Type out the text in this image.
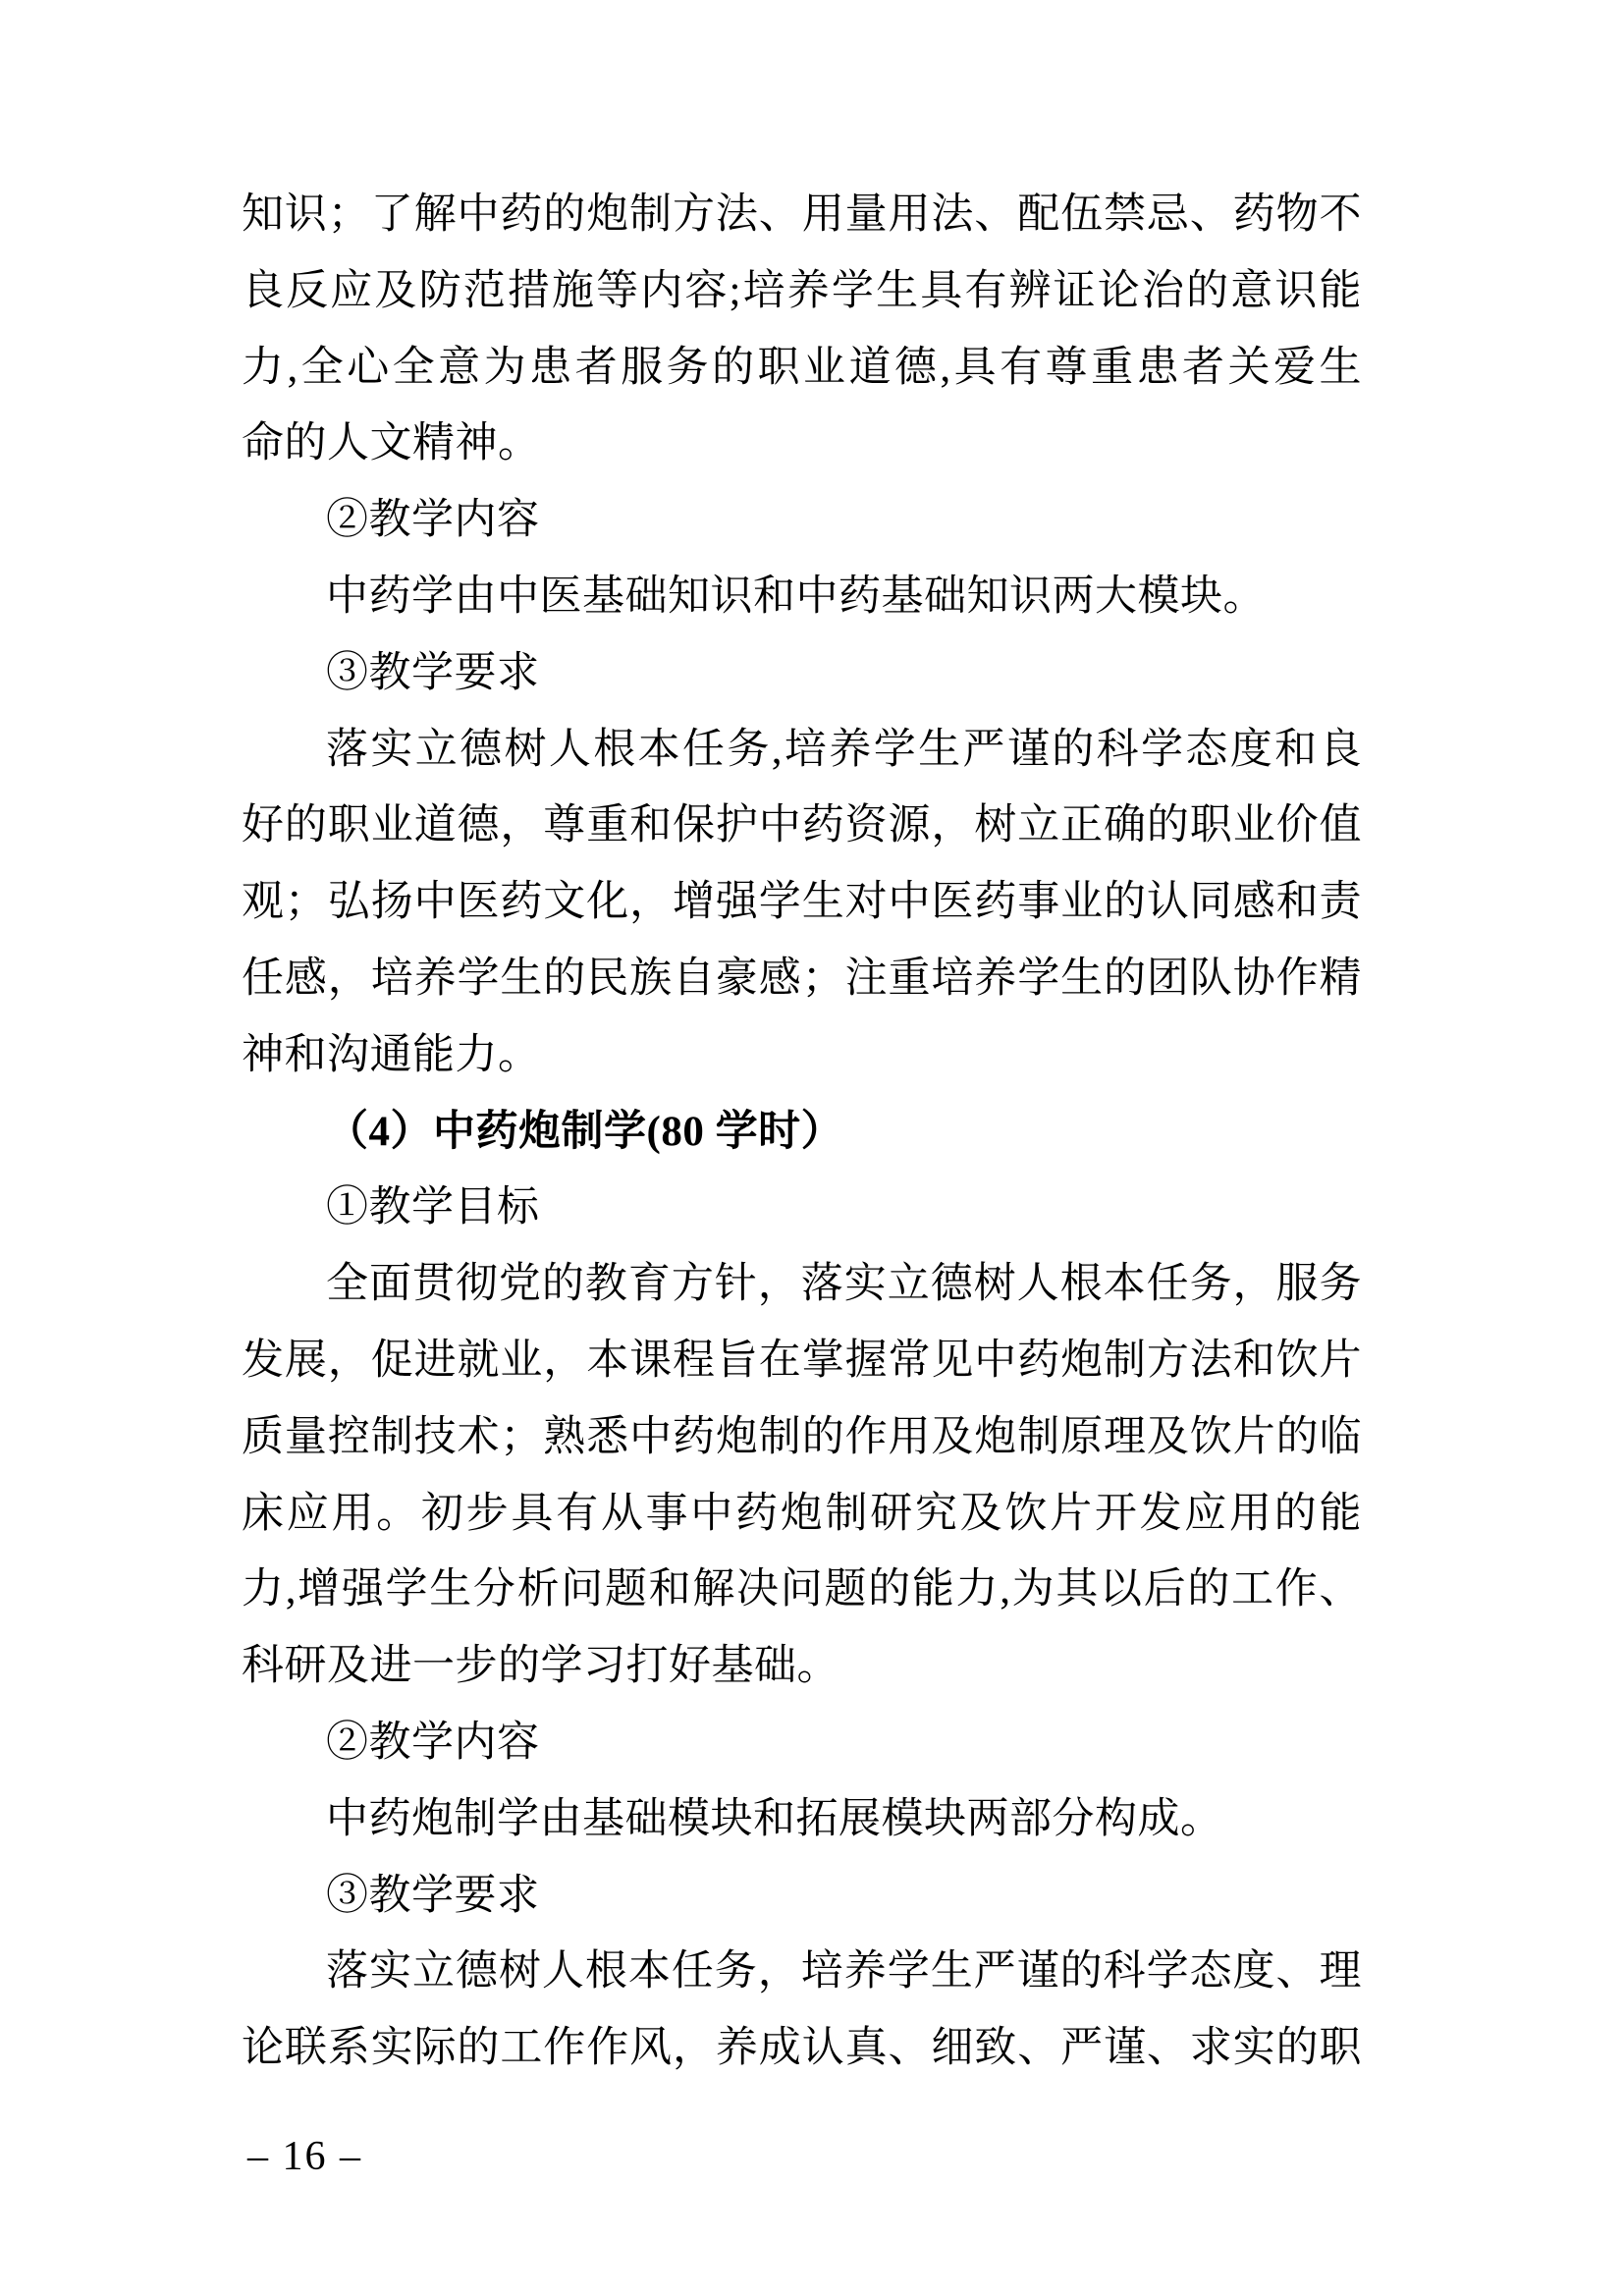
知识；了解中药的炮制方法、用量用法、配伍禁忌、药物不
良反应及防范措施等内容;培养学生具有辨证论治的意识能
力,全心全意为患者服务的职业道德,具有尊重患者关爱生
命的人文精神。
②教学内容
中药学由中医基础知识和中药基础知识两大模块。
③教学要求
落实立德树人根本任务,培养学生严谨的科学态度和良
好的职业道德，尊重和保护中药资源，树立正确的职业价值
观；弘扬中医药文化，增强学生对中医药事业的认同感和责
任感，培养学生的民族自豪感；注重培养学生的团队协作精
神和沟通能力。
（4）中药炮制学(80 学时）
①教学目标
全面贯彻党的教育方针，落实立德树人根本任务，服务
发展，促进就业，本课程旨在掌握常见中药炮制方法和饮片
质量控制技术；熟悉中药炮制的作用及炮制原理及饮片的临
床应用。初步具有从事中药炮制研究及饮片开发应用的能
力,增强学生分析问题和解决问题的能力,为其以后的工作、
科研及进一步的学习打好基础。
②教学内容
中药炮制学由基础模块和拓展模块两部分构成。
③教学要求
落实立德树人根本任务，培养学生严谨的科学态度、理
论联系实际的工作作风，养成认真、细致、严谨、求实的职
– 16 –
